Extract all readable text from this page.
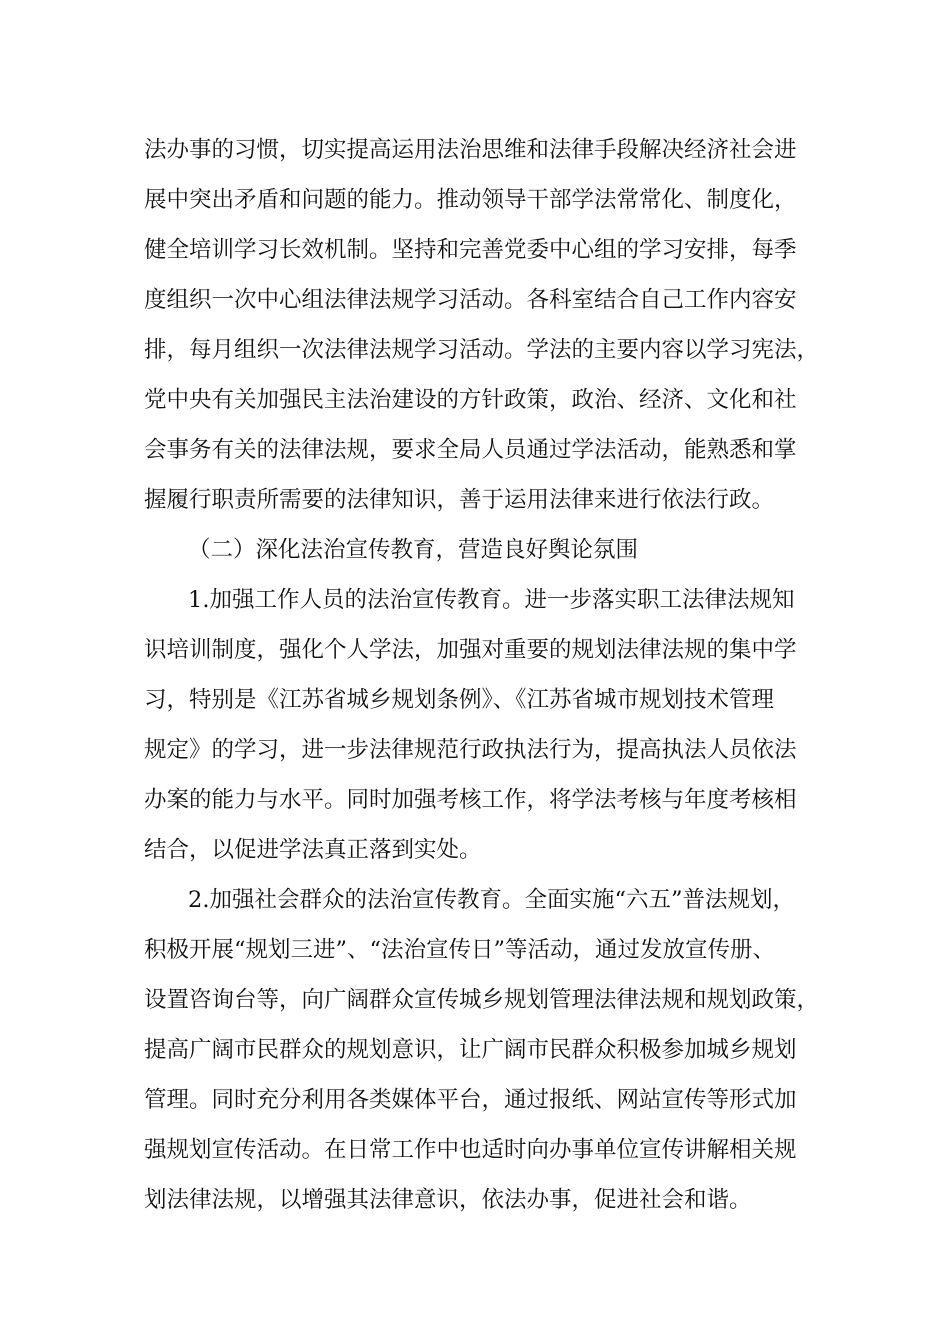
法办事的习惯，切实提高运用法治思维和法律手段解决经济社会进
展中突出矛盾和问题的能力。推动领导干部学法常常化、制度化，
健全培训学习长效机制。坚持和完善党委中心组的学习安排，每季
度组织一次中心组法律法规学习活动。各科室结合自己工作内容安
排，每月组织一次法律法规学习活动。学法的主要内容以学习宪法，
党中央有关加强民主法治建设的方针政策，政治、经济、文化和社
会事务有关的法律法规，要求全局人员通过学法活动，能熟悉和掌
握履行职责所需要的法律知识，善于运用法律来进行依法行政。
（二）深化法治宣传教育，营造良好舆论氛围
1.加强工作人员的法治宣传教育。进一步落实职工法律法规知
识培训制度，强化个人学法，加强对重要的规划法律法规的集中学
习，特别是《江苏省城乡规划条例》、《江苏省城市规划技术管理
规定》的学习，进一步法律规范行政执法行为，提高执法人员依法
办案的能力与水平。同时加强考核工作，将学法考核与年度考核相
结合，以促进学法真正落到实处。
2.加强社会群众的法治宣传教育。全面实施“六五”普法规划，
积极开展“规划三进”、“法治宣传日”等活动，通过发放宣传册、
设置咨询台等，向广阔群众宣传城乡规划管理法律法规和规划政策，
提高广阔市民群众的规划意识，让广阔市民群众积极参加城乡规划
管理。同时充分利用各类媒体平台，通过报纸、网站宣传等形式加
强规划宣传活动。在日常工作中也适时向办事单位宣传讲解相关规
划法律法规，以增强其法律意识，依法办事，促进社会和谐。
